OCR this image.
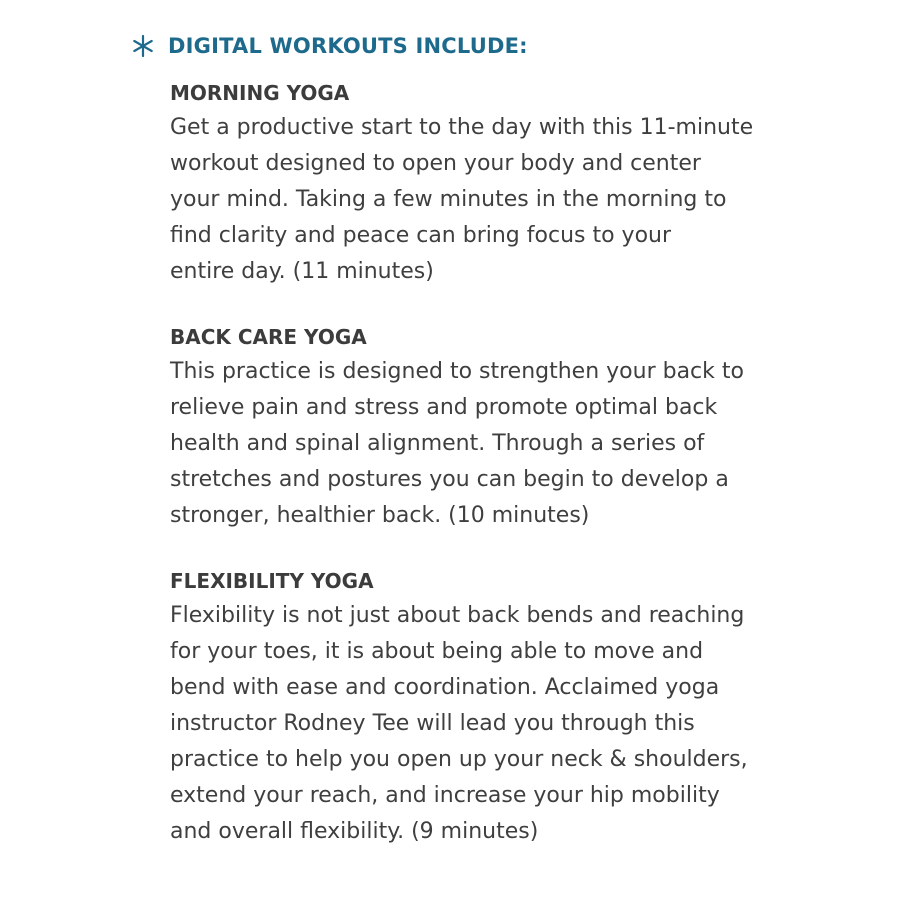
DIGITAL WORKOUTS INCLUDE:
MORNING YOGA
Get a productive start to the day with this 11-minute
workout designed to open your body and center
your mind. Taking a few minutes in the morning to
find clarity and peace can bring focus to your
entire day. (11 minutes)
BACK CARE YOGA
This practice is designed to strengthen your back to
relieve pain and stress and promote optimal back
health and spinal alignment. Through a series of
stretches and postures you can begin to develop a
stronger, healthier back. (10 minutes)
FLEXIBILITY YOGA
Flexibility is not just about back bends and reaching
for your toes, it is about being able to move and
bend with ease and coordination. Acclaimed yoga
instructor Rodney Tee will lead you through this
practice to help you open up your neck & shoulders,
extend your reach, and increase your hip mobility
and overall flexibility. (9 minutes)
